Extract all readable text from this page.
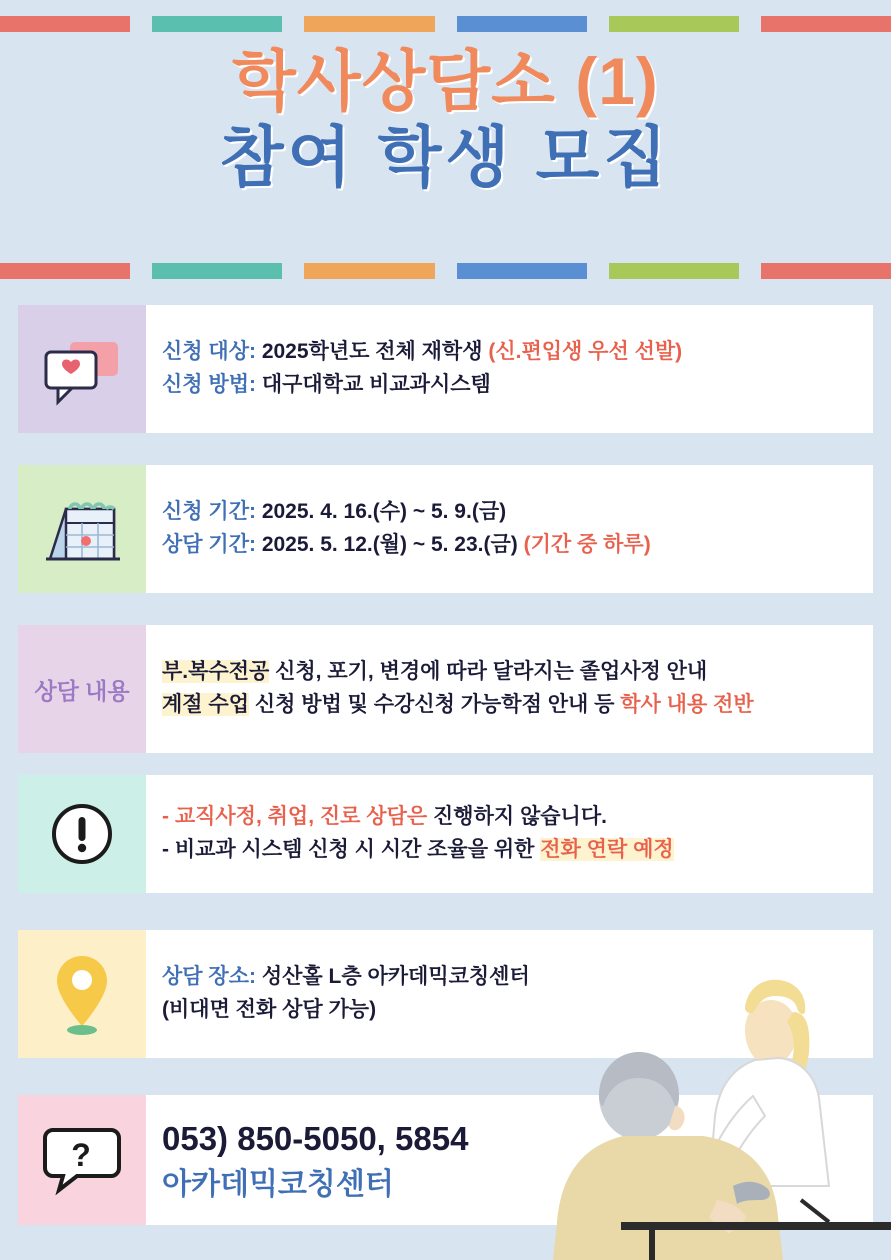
학사상담소 (1)
참여 학생 모집
신청 대상: 2025학년도 전체 재학생 (신.편입생 우선 선발)
신청 방법: 대구대학교 비교과시스템
신청 기간: 2025. 4. 16.(수) ~ 5. 9.(금)
상담 기간: 2025. 5. 12.(월) ~ 5. 23.(금) (기간 중 하루)
상담 내용
부.복수전공 신청, 포기, 변경에 따라 달라지는 졸업사정 안내
계절 수업 신청 방법 및 수강신청 가능학점 안내 등 학사 내용 전반
- 교직사정, 취업, 진로 상담은 진행하지 않습니다.
- 비교과 시스템 신청 시 시간 조율을 위한 전화 연락 예정
상담 장소: 성산홀 L층 아카데믹코칭센터
(비대면 전화 상담 가능)
? 053) 850-5050, 5854
아카데믹코칭센터
